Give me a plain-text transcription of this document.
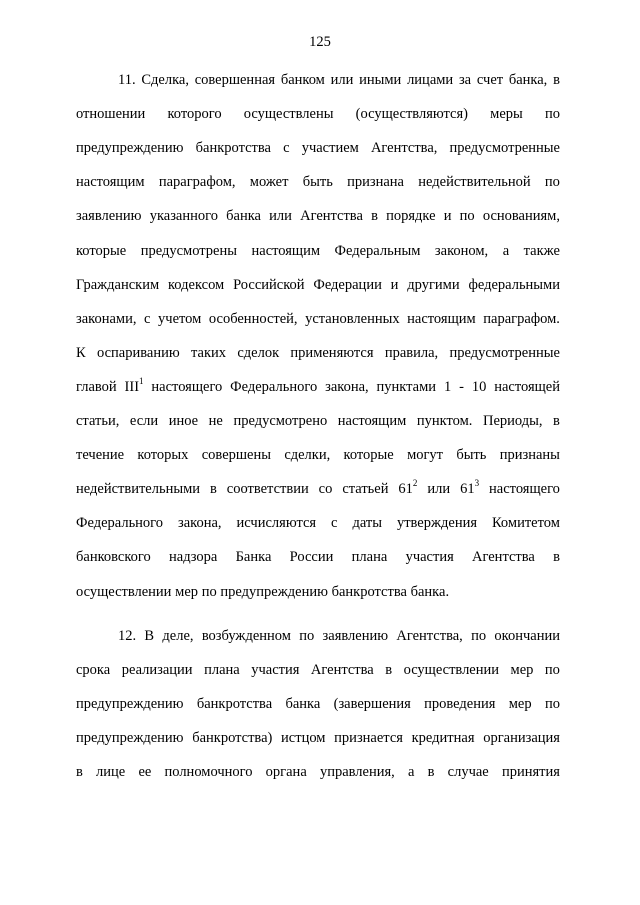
125
11. Сделка, совершенная банком или иными лицами за счет банка, в
отношении которого осуществлены (осуществляются) меры по
предупреждению банкротства с участием Агентства, предусмотренные
настоящим параграфом, может быть признана недействительной по
заявлению указанного банка или Агентства в порядке и по основаниям,
которые предусмотрены настоящим Федеральным законом, а также
Гражданским кодексом Российской Федерации и другими федеральными
законами, с учетом особенностей, установленных настоящим параграфом.
К оспариванию таких сделок применяются правила, предусмотренные
главой III$^1$ настоящего Федерального закона, пунктами 1 - 10 настоящей
статьи, если иное не предусмотрено настоящим пунктом. Периоды, в
течение которых совершены сделки, которые могут быть признаны
недействительными в соответствии со статьей $61^2$ или $61^3$ настоящего
Федерального закона, исчисляются с даты утверждения Комитетом
банковского надзора Банка России плана участия Агентства в
осуществлении мер по предупреждению банкротства банка.
12. В деле, возбужденном по заявлению Агентства, по окончании
срока реализации плана участия Агентства в осуществлении мер по
предупреждению банкротства банка (завершения проведения мер по
предупреждению банкротства) истцом признается кредитная организация
в лице ее полномочного органа управления, а в случае принятия
